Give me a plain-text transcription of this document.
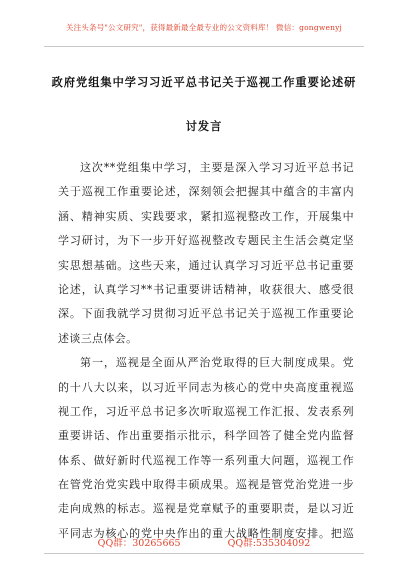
关注头条号"公文研究"，获得最新最全最专业的公文资料库！ 微信：gongwenyj
政府党组集中学习习近平总书记关于巡视工作重要论述研
讨发言
这次**党组集中学习，主要是深入学习习近平总书记
关于巡视工作重要论述，深刻领会把握其中蕴含的丰富内
涵、精神实质、实践要求，紧扣巡视整改工作，开展集中
学习研讨，为下一步开好巡视整改专题民主生活会奠定坚
实思想基础。这些天来，通过认真学习习近平总书记重要
论述，认真学习**书记重要讲话精神，收获很大、感受很
深。下面我就学习贯彻习近平总书记关于巡视工作重要论
述谈三点体会。
第一，巡视是全面从严治党取得的巨大制度成果。党
的十八大以来，以习近平同志为核心的党中央高度重视巡
视工作，习近平总书记多次听取巡视工作汇报、发表系列
重要讲话、作出重要指示批示，科学回答了健全党内监督
体系、做好新时代巡视工作等一系列重大问题，巡视工作
在管党治党实践中取得丰硕成果。巡视是管党治党进一步
走向成熟的标志。巡视是党章赋予的重要职责，是以习近
平同志为核心的党中央作出的重大战略性制度安排。把巡
QQ群：30265665	QQ群:535304092
